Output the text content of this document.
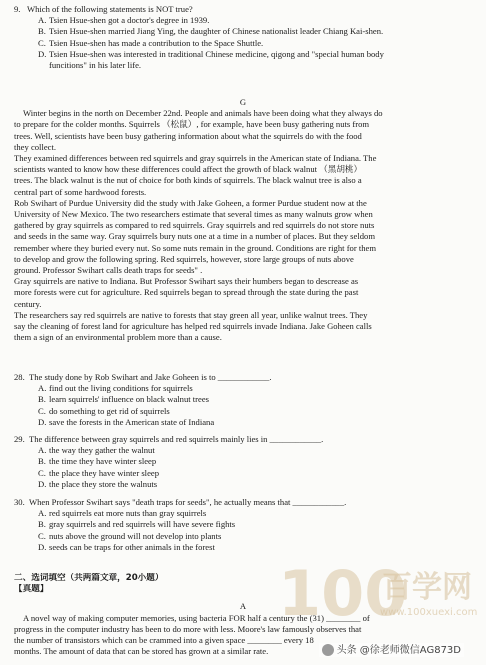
9. Which of the following statements is NOT true?
A. Tsien Hsue-shen got a doctor's degree in 1939.
B. Tsien Hsue-shen married Jiang Ying, the daughter of Chinese nationalist leader Chiang Kai-shen.
C. Tsien Hsue-shen has made a contribution to the Space Shuttle.
D. Tsien Hsue-shen was interested in traditional Chinese medicine, qigong and "special human body
funcitions" in his later life.
G
Winter begins in the north on December 22nd. People and animals have been doing what they always do
to prepare for the colder months. Squirrels （松鼠）, for example, have been busy gathering nuts from
trees. Well, scientists have been busy gathering information about what the squirrels do with the food
they collect.
They examined differences between red squirrels and gray squirrels in the American state of Indiana. The
scientists wanted to know how these differences could affect the growth of black walnut （黑胡桃）
trees. The black walnut is the nut of choice for both kinds of squirrels. The black walnut tree is also a
central part of some hardwood forests.
Rob Swihart of Purdue University did the study with Jake Goheen, a former Purdue student now at the
University of New Mexico. The two researchers estimate that several times as many walnuts grow when
gathered by gray squirrels as compared to red squirrels. Gray squirrels and red squirrels do not store nuts
and seeds in the same way. Gray squirrels bury nuts one at a time in a number of places. But they seldom
remember where they buried every nut. So some nuts remain in the ground. Conditions are right for them
to develop and grow the following spring. Red squirrels, however, store large groups of nuts above
ground. Professor Swihart calls death traps for seeds" .
Gray squirrels are native to Indiana. But Professor Swihart says their humbers began to descrease as
more forests were cut for agriculture. Red squirrels began to spread through the state during the past
century.
The researchers say red squirrels are native to forests that stay green all year, unlike walnut trees. They
say the cleaning of forest land for agriculture has helped red squirrels invade Indiana. Jake Goheen calls
them a sign of an environmental problem more than a cause.
28. The study done by Rob Swihart and Jake Goheen is to ____________.
A. find out the living conditions for squirrels
B. learn squirrels' influence on black walnut trees
C. do something to get rid of squirrels
D. save the forests in the American state of Indiana
29. The difference between gray squirrels and red squirrels mainly lies in ____________.
A. the way they gather the walnut
B. the time they have winter sleep
C. the place they have winter sleep
D. the place they store the walnuts
30. When Professor Swihart says "death traps for seeds", he actually means that ____________.
A. red squirrels eat more nuts than gray squirrels
B. gray squirrels and red squirrels will have severe fights
C. nuts above the ground will not develop into plants
D. seeds can be traps for other animals in the forest
二、选词填空（共两篇文章，20小题）
【真题】
A
A novel way of making computer memories, using bacteria FOR half a century the (31) ________ of
progress in the computer industry has been to do more with less. Moore's law famously observes that
the number of transistors which can be crammed into a given space ________ every 18
months. The amount of data that can be stored has grown at a similar rate.
100
百学网
www.100xuexi.com
头条 @徐老师微信AG873D
